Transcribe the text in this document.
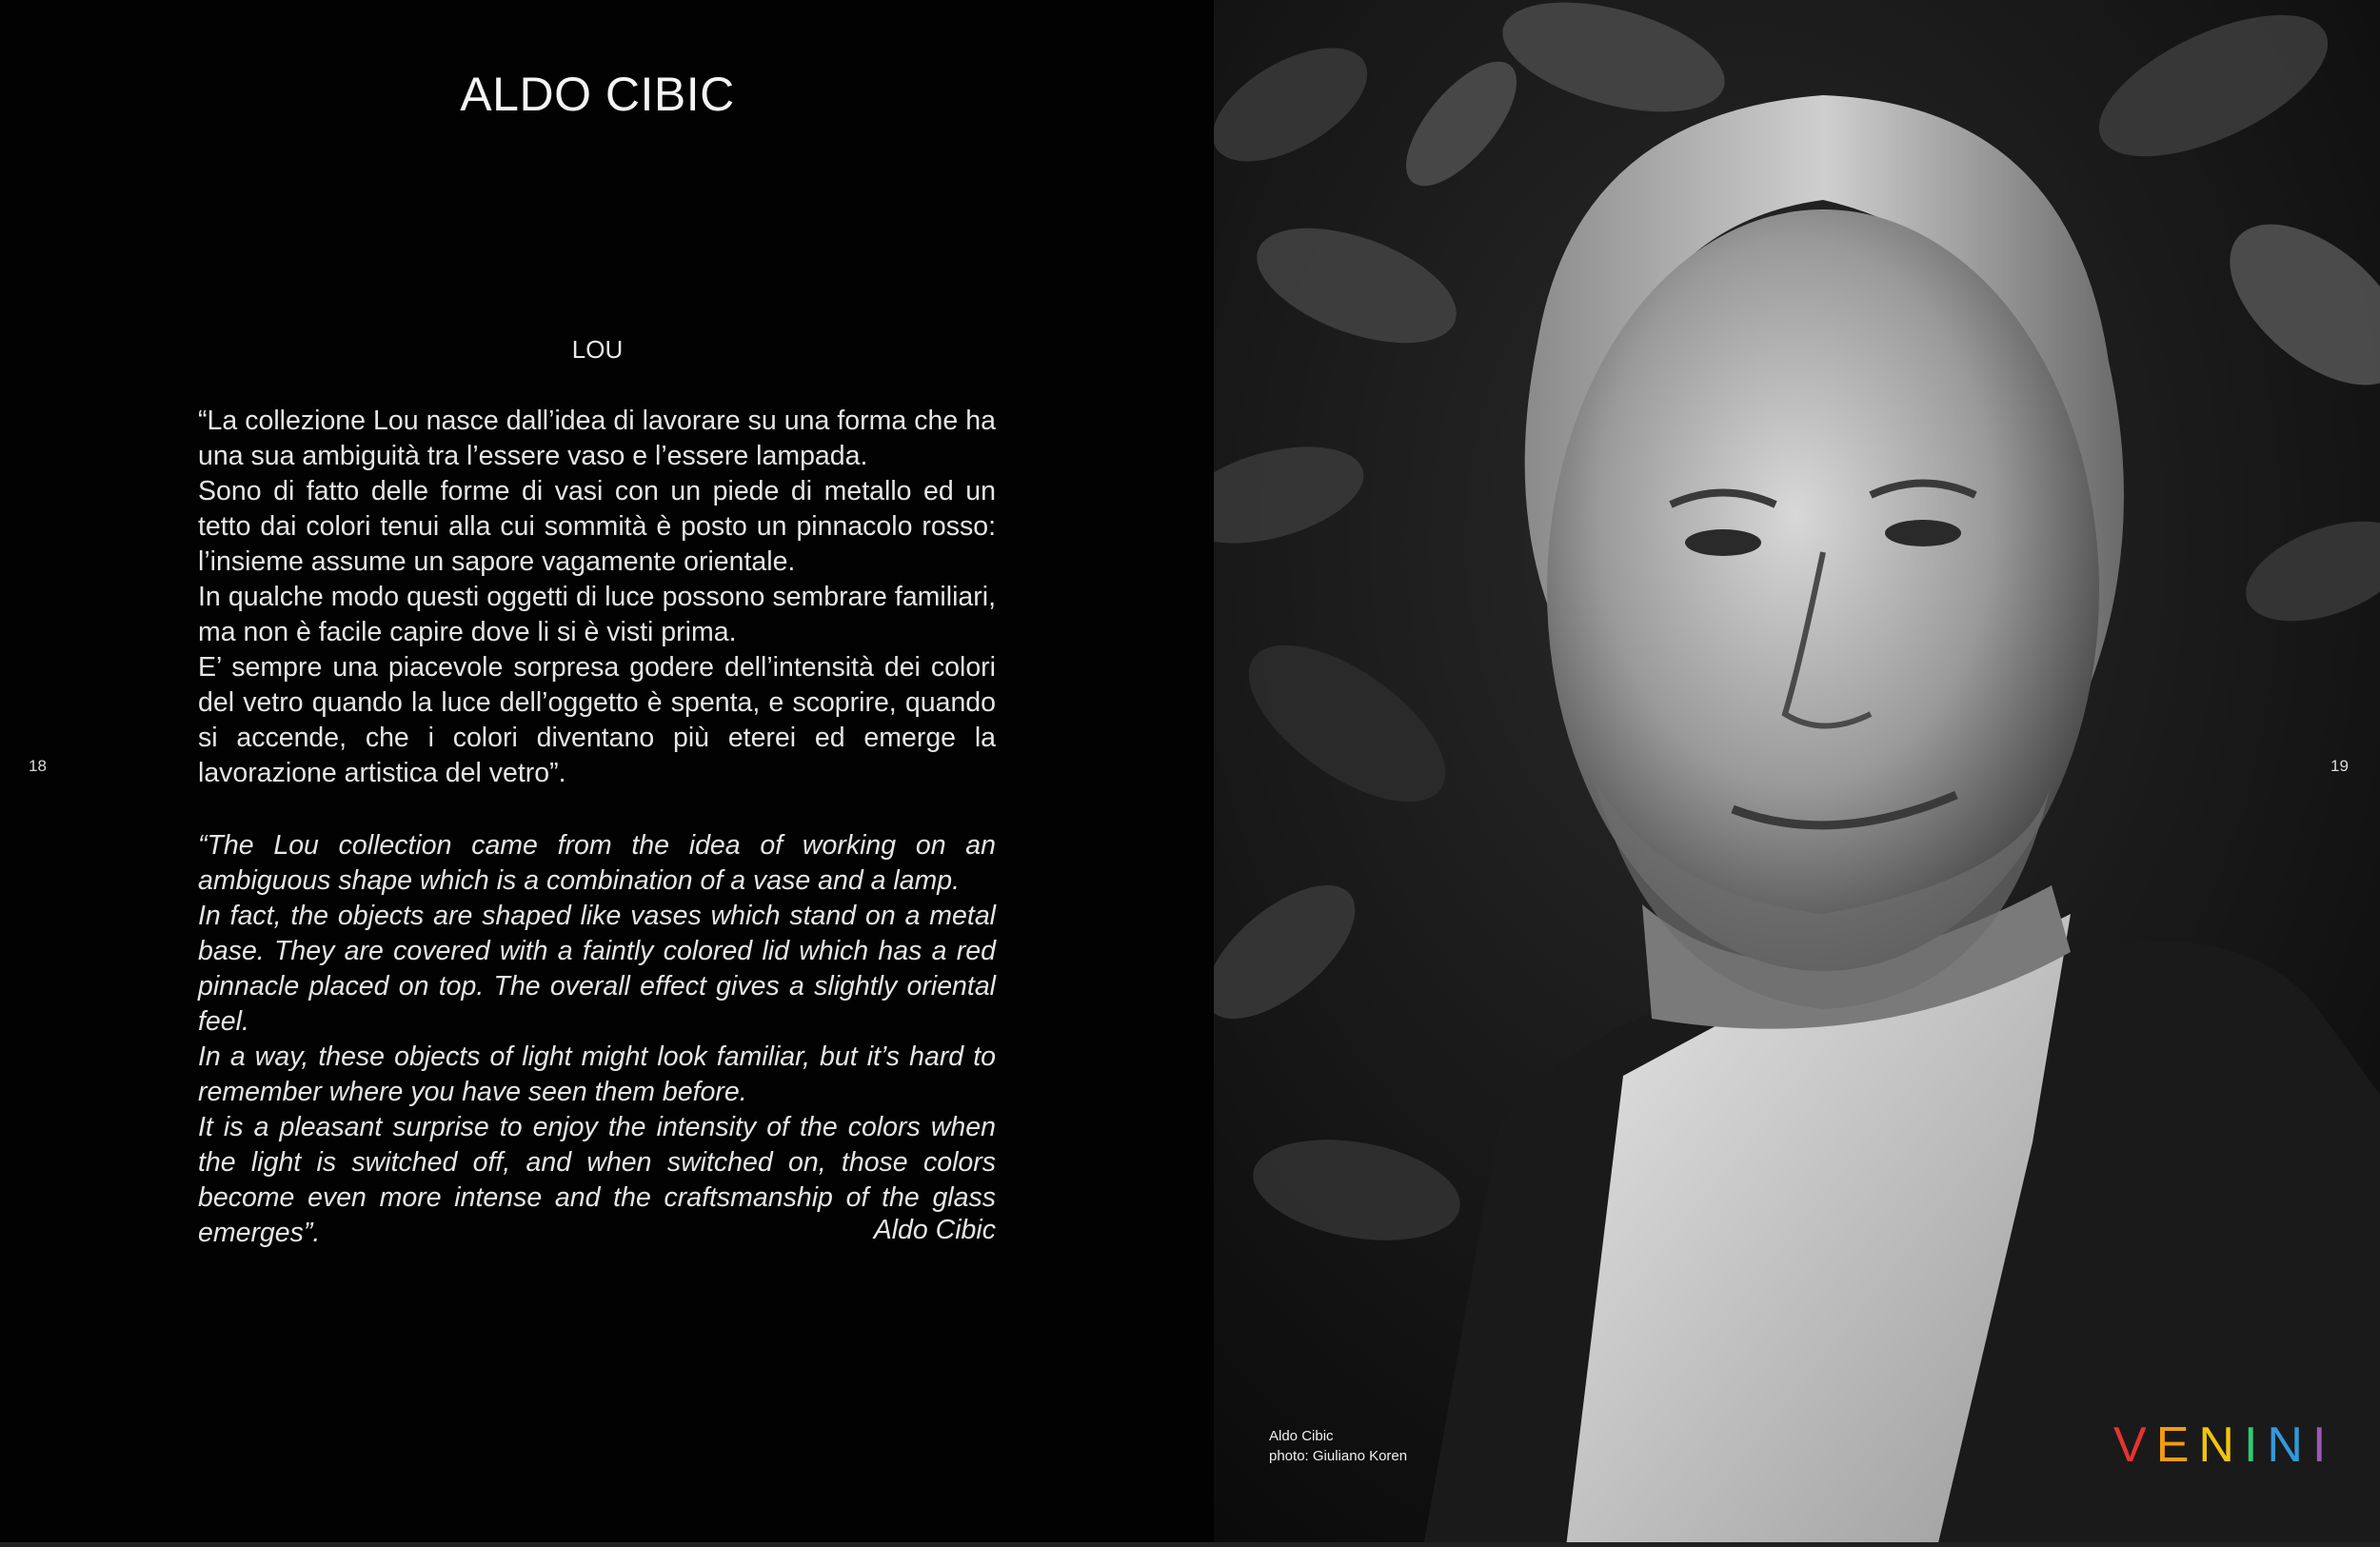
ALDO CIBIC
LOU

“La collezione Lou nasce dall’idea di lavorare su una forma che ha una sua ambiguità tra l’essere vaso e l’essere lampada.

Sono di fatto delle forme di vasi con un piede di metallo ed un tetto dai colori tenui alla cui sommità è posto un pinnacolo rosso: l’insieme assume un sapore vagamente orientale.

In qualche modo questi oggetti di luce possono sembrare familiari, ma non è facile capire dove li si è visti prima.

E’ sempre una piacevole sorpresa godere dell’intensità dei colori del vetro quando la luce dell’oggetto è spenta, e scoprire, quando si accende, che i colori diventano più eterei ed emerge la lavorazione artistica del vetro”.

“The Lou collection came from the idea of working on an ambiguous shape which is a combination of a vase and a lamp.

In fact, the objects are shaped like vases which stand on a metal base. They are covered with a faintly colored lid which has a red pinnacle placed on top. The overall effect gives a slightly oriental feel.

In a way, these objects of light might look familiar, but it’s hard to remember where you have seen them before.

It is a pleasant surprise to enjoy the intensity of the colors when the light is switched off, and when switched on, those colors become even more intense and the craftsmanship of the glass emerges”.	Aldo Cibic
18	19
Aldo Cibic
photo: Giuliano Koren	VENINI
